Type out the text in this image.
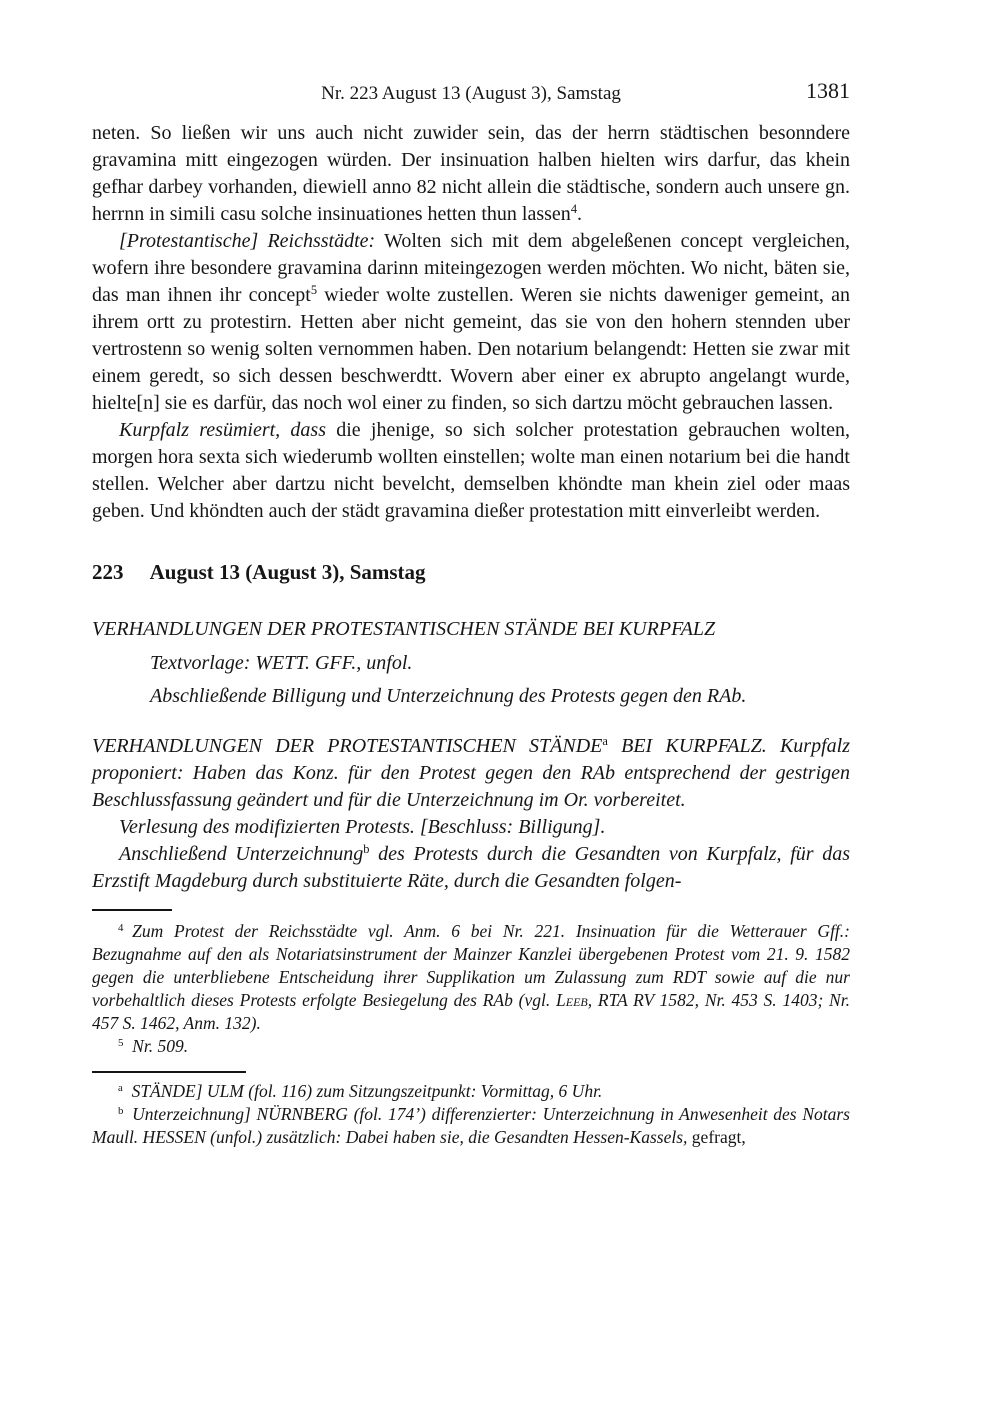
Nr. 223 August 13 (August 3), Samstag	1381

neten. So ließen wir uns auch nicht zuwider sein, das der herrn städtischen besonndere gravamina mitt eingezogen würden. Der insinuation halben hielten wirs darfur, das khein gefhar darbey vorhanden, diewiell anno 82 nicht allein die städtische, sondern auch unsere gn. herrnn in simili casu solche insinuationes hetten thun lassen$^4$.

[Protestantische] Reichsstädte: Wolten sich mit dem abgeleßenen concept vergleichen, wofern ihre besondere gravamina darinn miteingezogen werden möchten. Wo nicht, bäten sie, das man ihnen ihr concept$^5$ wieder wolte zustellen. Weren sie nichts daweniger gemeint, an ihrem ortt zu protestirn. Hetten aber nicht gemeint, das sie von den hohern stennden uber vertrostenn so wenig solten vernommen haben. Den notarium belangendt: Hetten sie zwar mit einem geredt, so sich dessen beschwerdtt. Wovern aber einer ex abrupto angelangt wurde, hielte[n] sie es darfür, das noch wol einer zu finden, so sich dartzu möcht gebrauchen lassen.

Kurpfalz resümiert, dass die jhenige, so sich solcher protestation gebrauchen wolten, morgen hora sexta sich wiederumb wollten einstellen; wolte man einen notarium bei die handt stellen. Welcher aber dartzu nicht bevelcht, demselben khöndte man khein ziel oder maas geben. Und khöndten auch der städt gravamina dießer protestation mitt einverleibt werden.

223 August 13 (August 3), Samstag

VERHANDLUNGEN DER PROTESTANTISCHEN STÄNDE BEI KURPFALZ

Textvorlage: WETT. GFF., unfol.

Abschließende Billigung und Unterzeichnung des Protests gegen den RAb.

VERHANDLUNGEN DER PROTESTANTISCHEN STÄNDE$^a$ BEI KURPFALZ. Kurpfalz proponiert: Haben das Konz. für den Protest gegen den RAb entsprechend der gestrigen Beschlussfassung geändert und für die Unterzeichnung im Or. vorbereitet.

Verlesung des modifizierten Protests. [Beschluss: Billigung].

Anschließend Unterzeichnung$^b$ des Protests durch die Gesandten von Kurpfalz, für das Erzstift Magdeburg durch substituierte Räte, durch die Gesandten folgen-

$^4$  Zum Protest der Reichsstädte vgl. Anm. 6 bei Nr. 221. Insinuation für die Wetterauer Gff.: Bezugnahme auf den als Notariatsinstrument der Mainzer Kanzlei übergebenen Protest vom 21. 9. 1582 gegen die unterbliebene Entscheidung ihrer Supplikation um Zulassung zum RDT sowie auf die nur vorbehaltlich dieses Protests erfolgte Besiegelung des RAb (vgl. Leeb, RTA RV 1582, Nr. 453 S. 1403; Nr. 457 S. 1462, Anm. 132).

$^5$  Nr. 509.

$^a$  STÄNDE] ULM (fol. 116) zum Sitzungszeitpunkt: Vormittag, 6 Uhr.

$^b$  Unterzeichnung] NÜRNBERG (fol. 174’) differenzierter: Unterzeichnung in Anwesenheit des Notars Maull. HESSEN (unfol.) zusätzlich: Dabei haben sie, die Gesandten Hessen-Kassels, gefragt,
